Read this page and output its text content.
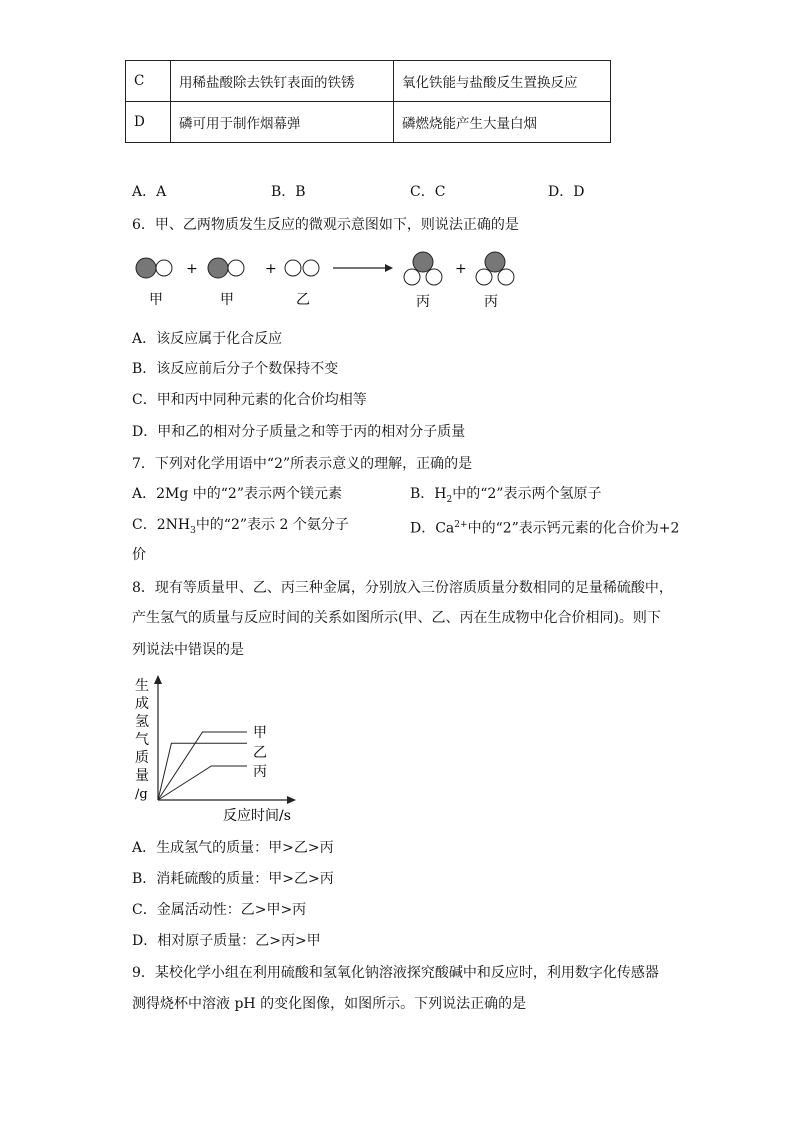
C	用稀盐酸除去铁钉表面的铁锈	氧化铁能与盐酸反生置换反应
D	磷可用于制作烟幕弹	磷燃烧能产生大量白烟
A．A	B．B	C．C	D．D
6．甲、乙两物质发生反应的微观示意图如下，则说法正确的是
+	+	+
甲	甲	乙	丙	丙
A．该反应属于化合反应
B．该反应前后分子个数保持不变
C．甲和丙中同种元素的化合价均相等
D．甲和乙的相对分子质量之和等于丙的相对分子质量
7．下列对化学用语中“2”所表示意义的理解，正确的是
A．2Mg 中的“2”表示两个镁元素	B．$H_2$中的“2”表示两个氢原子
C．$2NH_3$中的“2”表示 2 个氨分子	D．$Ca^{2+}$中的“2”表示钙元素的化合价为+2
价
8．现有等质量甲、乙、丙三种金属，分别放入三份溶质质量分数相同的足量稀硫酸中，
产生氢气的质量与反应时间的关系如图所示(甲、乙、丙在生成物中化合价相同)。则下
列说法中错误的是
生
成
氢
气
质
量
/g
甲
乙
丙
反应时间/s
A．生成氢气的质量：甲>乙>丙
B．消耗硫酸的质量：甲>乙>丙
C．金属活动性：乙>甲>丙
D．相对原子质量：乙>丙>甲
9．某校化学小组在利用硫酸和氢氧化钠溶液探究酸碱中和反应时，利用数字化传感器
测得烧杯中溶液 pH 的变化图像，如图所示。下列说法正确的是
